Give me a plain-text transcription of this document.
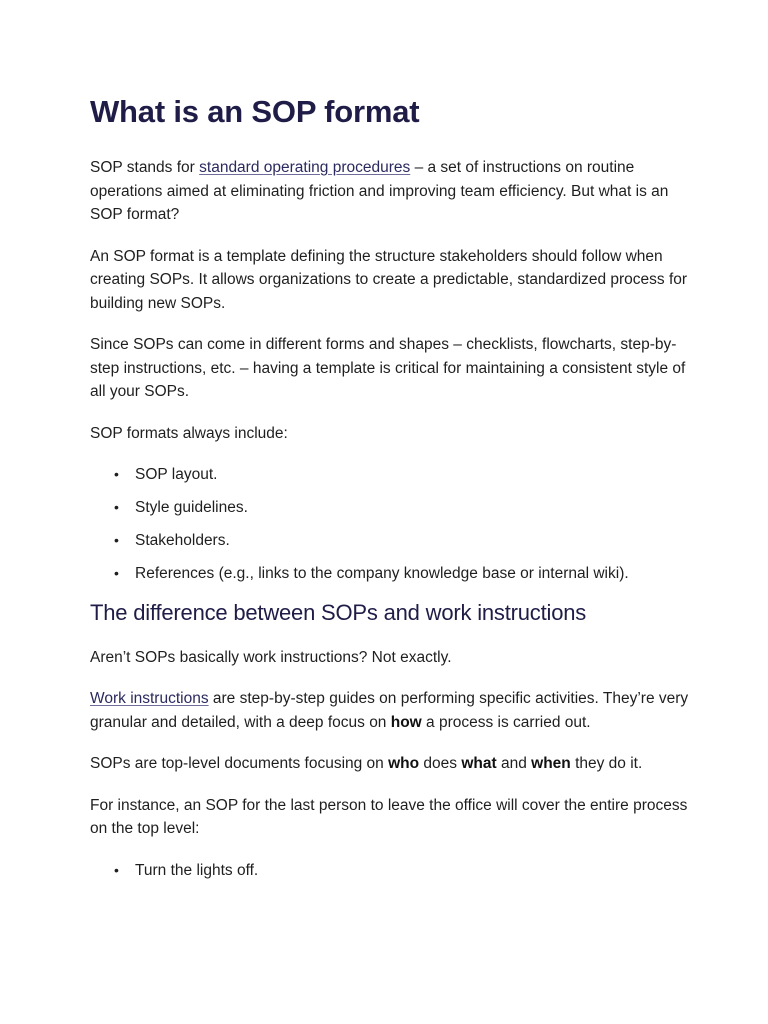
What is an SOP format

SOP stands for standard operating procedures – a set of instructions on routine operations aimed at eliminating friction and improving team efficiency. But what is an SOP format?

An SOP format is a template defining the structure stakeholders should follow when creating SOPs. It allows organizations to create a predictable, standardized process for building new SOPs.

Since SOPs can come in different forms and shapes – checklists, flowcharts, step-by-step instructions, etc. – having a template is critical for maintaining a consistent style of all your SOPs.

SOP formats always include:

• SOP layout.
• Style guidelines.
• Stakeholders.
• References (e.g., links to the company knowledge base or internal wiki).
The difference between SOPs and work instructions

Aren’t SOPs basically work instructions? Not exactly.

Work instructions are step-by-step guides on performing specific activities. They’re very granular and detailed, with a deep focus on how a process is carried out.

SOPs are top-level documents focusing on who does what and when they do it.

For instance, an SOP for the last person to leave the office will cover the entire process on the top level:

• Turn the lights off.
